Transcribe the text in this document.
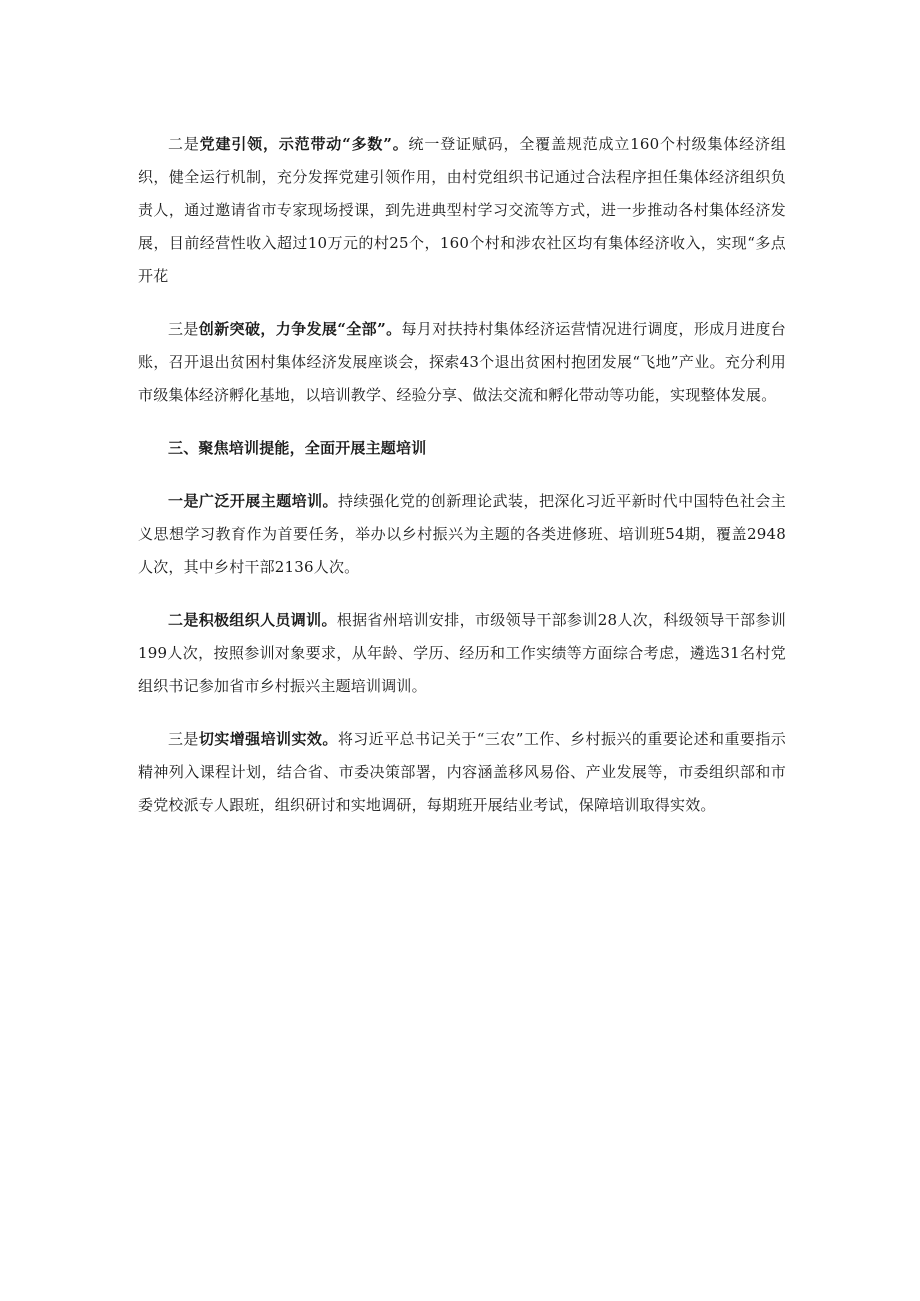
二是党建引领，示范带动“多数”。统一登证赋码，全覆盖规范成立160个村级集体经济组织，健全运行机制，充分发挥党建引领作用，由村党组织书记通过合法程序担任集体经济组织负责人，通过邀请省市专家现场授课，到先进典型村学习交流等方式，进一步推动各村集体经济发展，目前经营性收入超过10万元的村25个，160个村和涉农社区均有集体经济收入，实现“多点开花

三是创新突破，力争发展“全部”。每月对扶持村集体经济运营情况进行调度，形成月进度台账，召开退出贫困村集体经济发展座谈会，探索43个退出贫困村抱团发展“飞地”产业。充分利用市级集体经济孵化基地，以培训教学、经验分享、做法交流和孵化带动等功能，实现整体发展。

三、聚焦培训提能，全面开展主题培训

一是广泛开展主题培训。持续强化党的创新理论武装，把深化习近平新时代中国特色社会主义思想学习教育作为首要任务，举办以乡村振兴为主题的各类进修班、培训班54期，覆盖2948人次，其中乡村干部2136人次。

二是积极组织人员调训。根据省州培训安排，市级领导干部参训28人次，科级领导干部参训199人次，按照参训对象要求，从年龄、学历、经历和工作实绩等方面综合考虑，遴选31名村党组织书记参加省市乡村振兴主题培训调训。

三是切实增强培训实效。将习近平总书记关于“三农”工作、乡村振兴的重要论述和重要指示精神列入课程计划，结合省、市委决策部署，内容涵盖移风易俗、产业发展等，市委组织部和市委党校派专人跟班，组织研讨和实地调研，每期班开展结业考试，保障培训取得实效。
